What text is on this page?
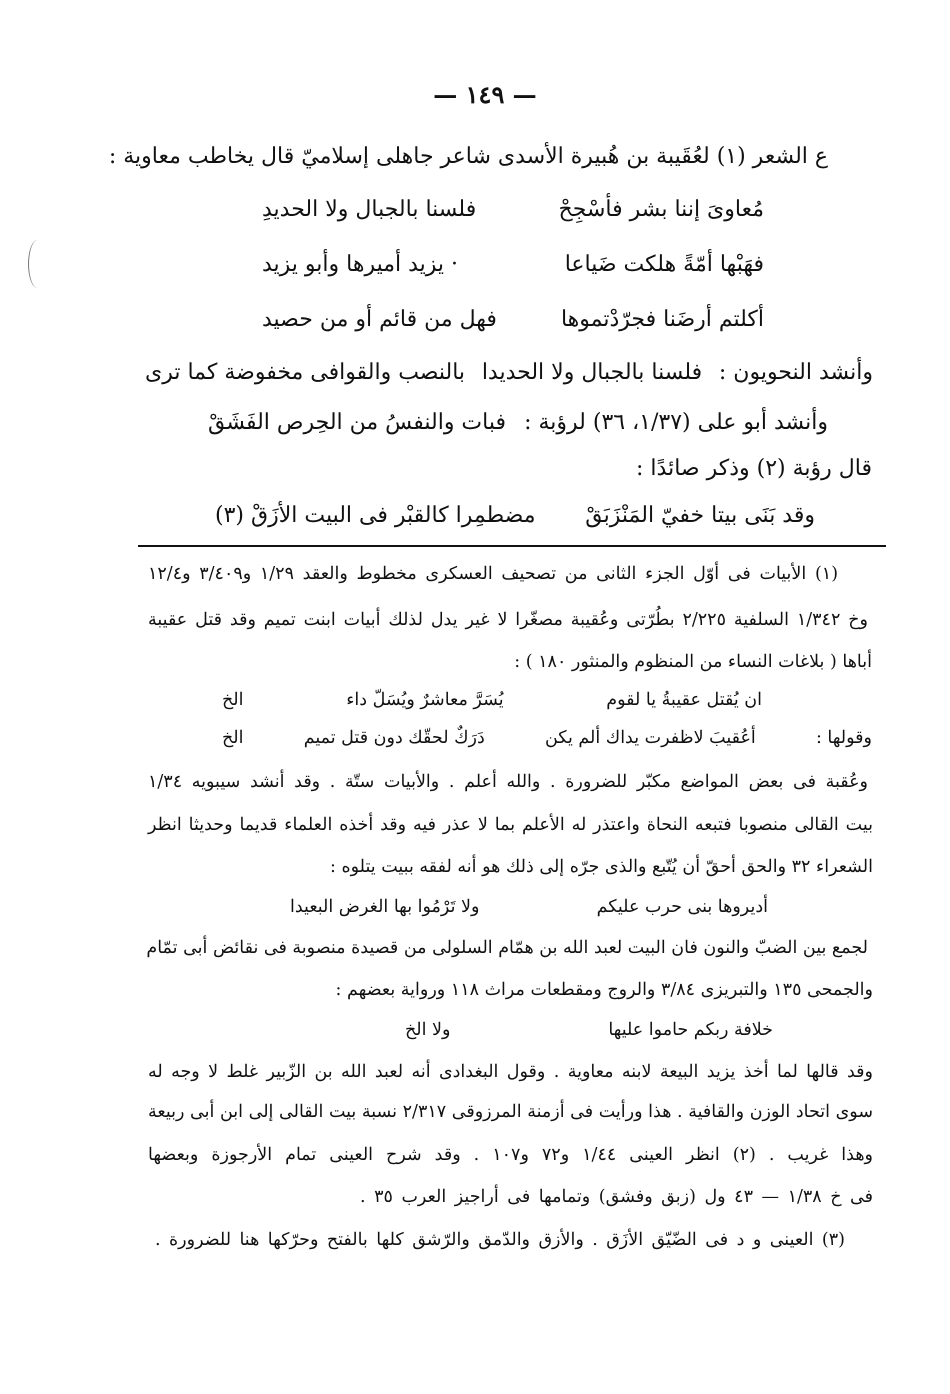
— ١٤٩ —
ع الشعر (١) لعُقَيبة بن هُبيرة الأسدى شاعر جاهلى إسلاميّ قال يخاطب معاوية :
مُعاوىَ إننا بشر فأسْجِحْ
فلسنا بالجبال ولا الحديدِ
فهَبْها أمّةً هلكت ضَياعا
· يزيد أميرها وأبو يزيد
أكلتم أرضَنا فجرّدْتموها
فهل من قائم أو من حصيد
وأنشد النحويون :
فلسنا بالجبال ولا الحديدا
بالنصب والقوافى مخفوضة كما ترى
وأنشد أبو على (١/٣٧، ٣٦) لرؤبة :
فبات والنفسُ من الحِرص الفَشَقْ
قال رؤبة (٢) وذكر صائدًا :
وقد بَنَى بيتا خفيّ المَنْزَبَقْ
مضطمِرا كالقبْر فى البيت الأزَقْ (٣)
(١) الأبيات فى أوّل الجزء الثانى من تصحيف العسكرى مخطوط والعقد ١/٢٩ و٣/٤٠٩ و١٢/٤
وخ ١/٣٤٢ السلفية ٢/٢٢٥ بطُرّتى وعُقيبة مصغّرا لا غير يدل لذلك أبيات ابنت تميم وقد قتل عقيبة
أباها ( بلاغات النساء من المنظوم والمنثور ١٨٠ ) :
ان يُقتل عقيبةُ يا لقوم
يُسَرَّ معاشرٌ ويُسَلّ داء
الخ
وقولها :
أعُقيبَ لاظفرت يداك ألم يكن
دَرَكٌ لحقّك دون قتل تميم
الخ
وعُقبة فى بعض المواضع مكبّر للضرورة . والله أعلم . والأبيات ستّة . وقد أنشد سيبويه ١/٣٤
بيت القالى منصوبا فتبعه النحاة واعتذر له الأعلم بما لا عذر فيه وقد أخذه العلماء قديما وحديثا انظر
الشعراء ٣٢ والحق أحقّ أن يُتّبع والذى جرّه إلى ذلك هو أنه لفقه ببيت يتلوه :
أديروها بنى حرب عليكم
ولا تَرْمُوا بها الغرض البعيدا
لجمع بين الضبّ والنون فان البيت لعبد الله بن همّام السلولى من قصيدة منصوبة فى نقائض أبى تمّام
والجمحى ١٣٥ والتبريزى ٣/٨٤ والروج ومقطعات مراث ١١٨ ورواية بعضهم :
خلافة ربكم حاموا عليها
ولا الخ
وقد قالها لما أخذ يزيد البيعة لابنه معاوية . وقول البغدادى أنه لعبد الله بن الزّبير غلط لا وجه له
سوى اتحاد الوزن والقافية . هذا ورأيت فى أزمنة المرزوقى ٢/٣١٧ نسبة بيت القالى إلى ابن أبى ربيعة
وهذا غريب . (٢) انظر العينى ١/٤٤ و٧٢ و١٠٧ . وقد شرح العينى تمام الأرجوزة وبعضها
فى خ ١/٣٨ — ٤٣ ول (زبق وفشق) وتمامها فى أراجيز العرب ٣٥ .
(٣) العينى و د فى الضّيّق الأزَق . والأزق والدّمق والرّشق كلها بالفتح وحرّكها هنا للضرورة .
